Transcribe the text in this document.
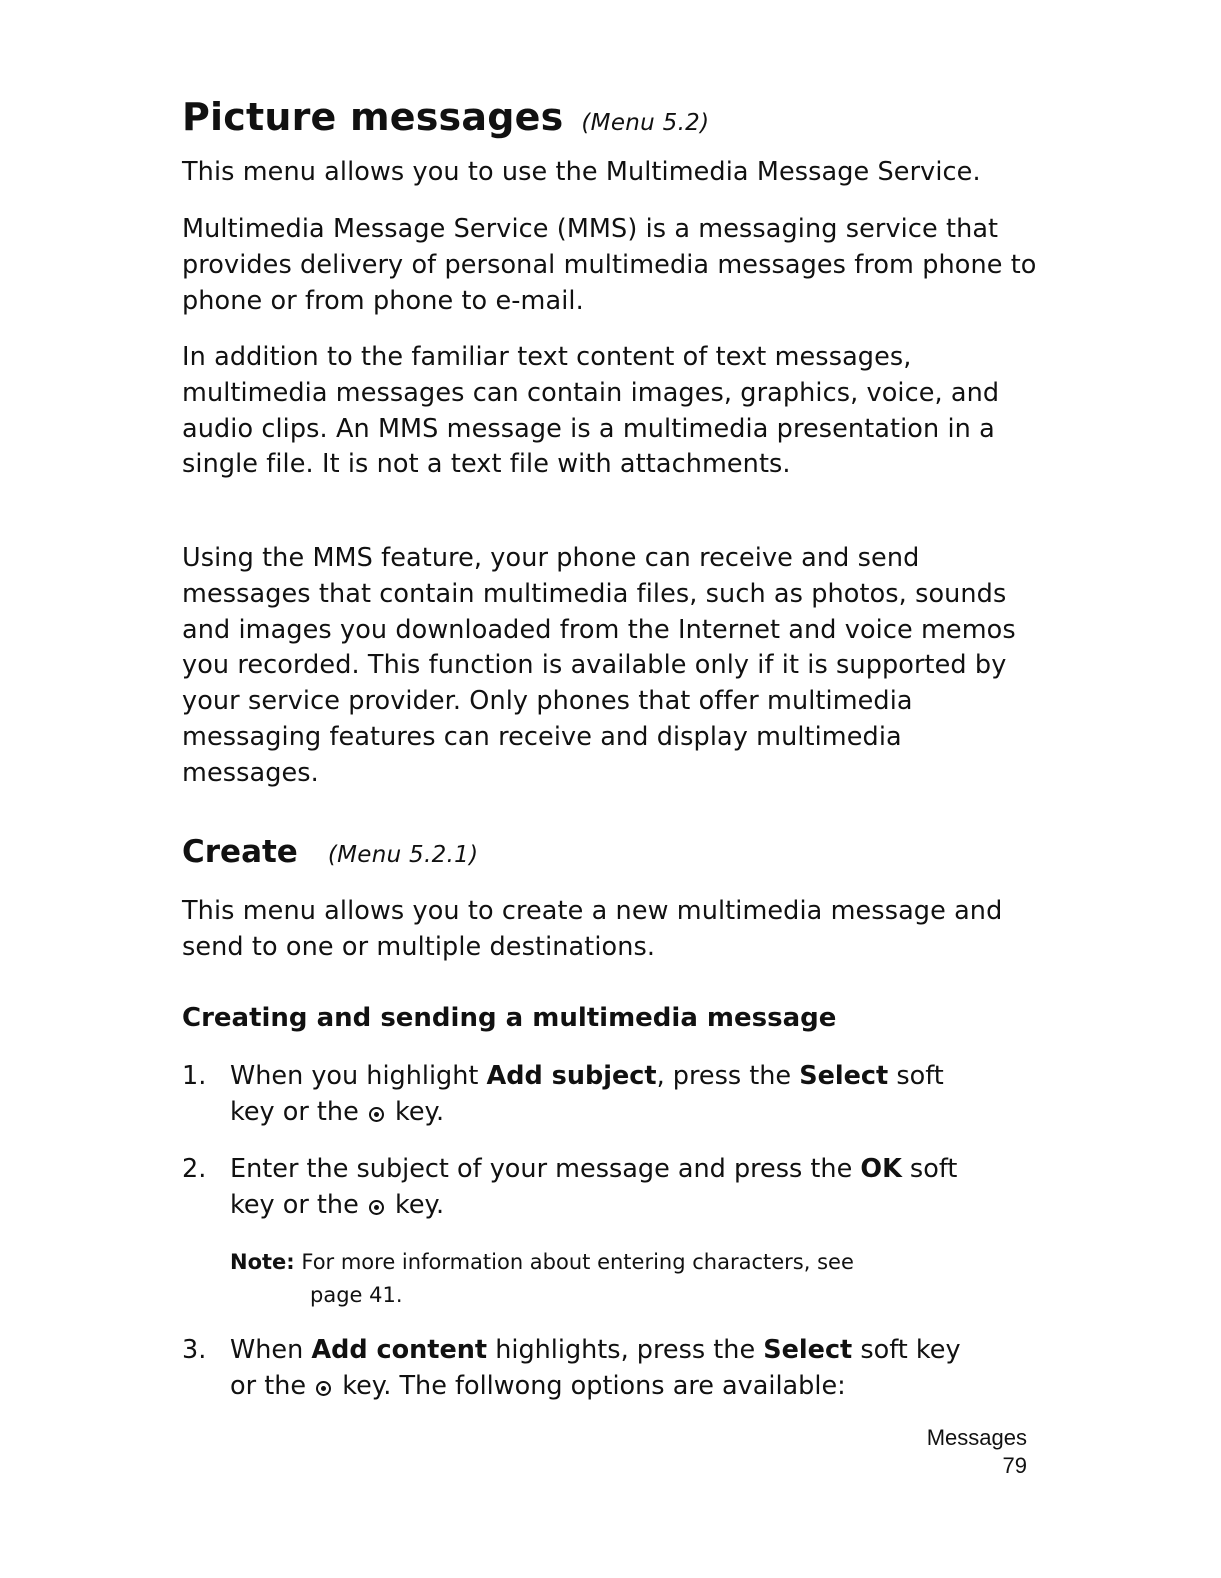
Picture messages (Menu 5.2)

This menu allows you to use the Multimedia Message Service.

Multimedia Message Service (MMS) is a messaging service that provides delivery of personal multimedia messages from phone to phone or from phone to e-mail.

In addition to the familiar text content of text messages, multimedia messages can contain images, graphics, voice, and audio clips. An MMS message is a multimedia presentation in a single file. It is not a text file with attachments.

Using the MMS feature, your phone can receive and send messages that contain multimedia files, such as photos, sounds and images you downloaded from the Internet and voice memos you recorded. This function is available only if it is supported by your service provider. Only phones that offer multimedia messaging features can receive and display multimedia messages.

Create (Menu 5.2.1)

This menu allows you to create a new multimedia message and send to one or multiple destinations.

Creating and sending a multimedia message
1. When you highlight Add subject, press the Select soft
key or the  key.
2. Enter the subject of your message and press the OK soft
key or the  key.
Note: For more information about entering characters, see
page 41.
3. When Add content highlights, press the Select soft key
or the  key. The follwong options are available:
Messages
79
